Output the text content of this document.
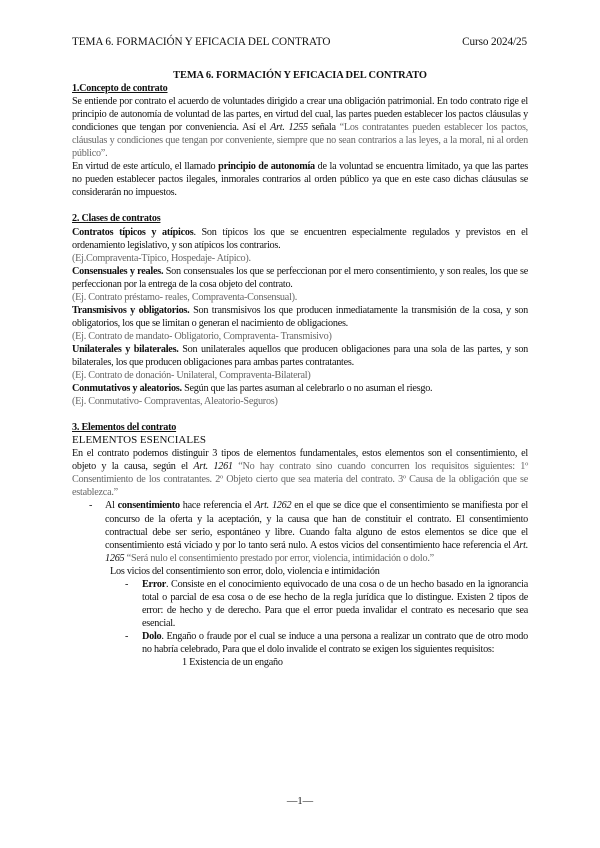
TEMA 6. FORMACIÓN Y EFICACIA DEL CONTRATO	Curso 2024/25

TEMA 6. FORMACIÓN Y EFICACIA DEL CONTRATO

1.Concepto de contrato

Se entiende por contrato el acuerdo de voluntades dirigido a crear una obligación patrimonial. En todo contrato rige el principio de autonomía de voluntad de las partes, en virtud del cual, las partes pueden establecer los pactos cláusulas y condiciones que tengan por conveniencia. Así el Art. 1255 señala “Los contratantes pueden establecer los pactos, cláusulas y condiciones que tengan por conveniente, siempre que no sean contrarios a las leyes, a la moral, ni al orden público”.

En virtud de este artículo, el llamado principio de autonomía de la voluntad se encuentra limitado, ya que las partes no pueden establecer pactos ilegales, inmorales contrarios al orden público ya que en este caso dichas cláusulas se considerarán no impuestos.

2. Clases de contratos

Contratos típicos y atípicos. Son típicos los que se encuentren especialmente regulados y previstos en el ordenamiento legislativo, y son atípicos los contrarios.

(Ej.Compraventa-Típico, Hospedaje- Atípico).

Consensuales y reales. Son consensuales los que se perfeccionan por el mero consentimiento, y son reales, los que se perfeccionan por la entrega de la cosa objeto del contrato.

(Ej. Contrato préstamo- reales, Compraventa-Consensual).

Transmisivos y obligatorios. Son transmisivos los que producen inmediatamente la transmisión de la cosa, y son obligatorios, los que se limitan o generan el nacimiento de obligaciones.

(Ej. Contrato de mandato- Obligatorio, Compraventa- Transmisivo)

Unilaterales y bilaterales. Son unilaterales aquellos que producen obligaciones para una sola de las partes, y son bilaterales, los que producen obligaciones para ambas partes contratantes.

(Ej. Contrato de donación- Unilateral, Compraventa-Bilateral)

Conmutativos y aleatorios. Según que las partes asuman al celebrarlo o no asuman el riesgo.

(Ej. Conmutativo- Compraventas, Aleatorio-Seguros)

3. Elementos del contrato

ELEMENTOS ESENCIALES

En el contrato podemos distinguir 3 tipos de elementos fundamentales, estos elementos son el consentimiento, el objeto y la causa, según el Art. 1261 “No hay contrato sino cuando concurren los requisitos siguientes: 1º Consentimiento de los contratantes. 2º Objeto cierto que sea materia del contrato. 3º Causa de la obligación que se establezca.”

- Al consentimiento hace referencia el Art. 1262 en el que se dice que el consentimiento se manifiesta por el concurso de la oferta y la aceptación, y la causa que han de constituir el contrato. El consentimiento contractual debe ser serio, espontáneo y libre. Cuando falta alguno de estos elementos se dice que el consentimiento está viciado y por lo tanto será nulo. A estos vicios del consentimiento hace referencia el Art. 1265 “Será nulo el consentimiento prestado por error, violencia, intimidación o dolo.”

Los vicios del consentimiento son error, dolo, violencia e intimidación

- Error. Consiste en el conocimiento equivocado de una cosa o de un hecho basado en la ignorancia total o parcial de esa cosa o de ese hecho de la regla jurídica que lo distingue. Existen 2 tipos de error: de hecho y de derecho. Para que el error pueda invalidar el contrato es necesario que sea esencial.

- Dolo. Engaño o fraude por el cual se induce a una persona a realizar un contrato que de otro modo no habría celebrado, Para que el dolo invalide el contrato se exigen los siguientes requisitos:

1 Existencia de un engaño

—1—
